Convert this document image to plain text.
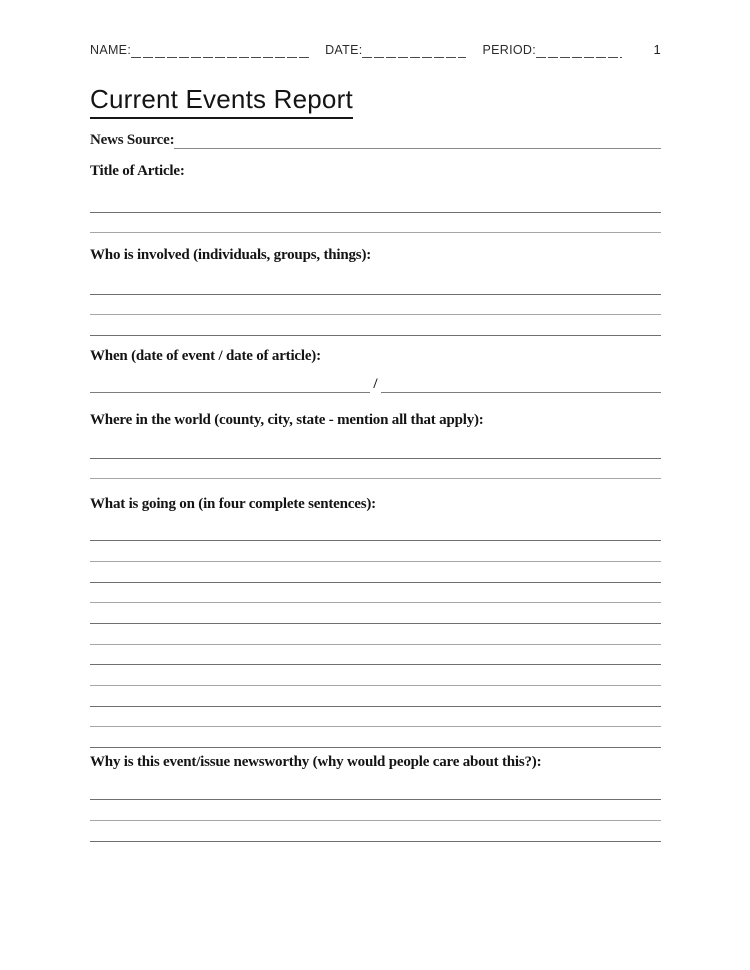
NAME:	DATE:	PERIOD:	1
Current Events Report
News Source:
Title of Article:
Who is involved (individuals, groups, things):
When (date of event / date of article):
/
Where in the world (county, city, state - mention all that apply):
What is going on (in four complete sentences):
Why is this event/issue newsworthy (why would people care about this?):
